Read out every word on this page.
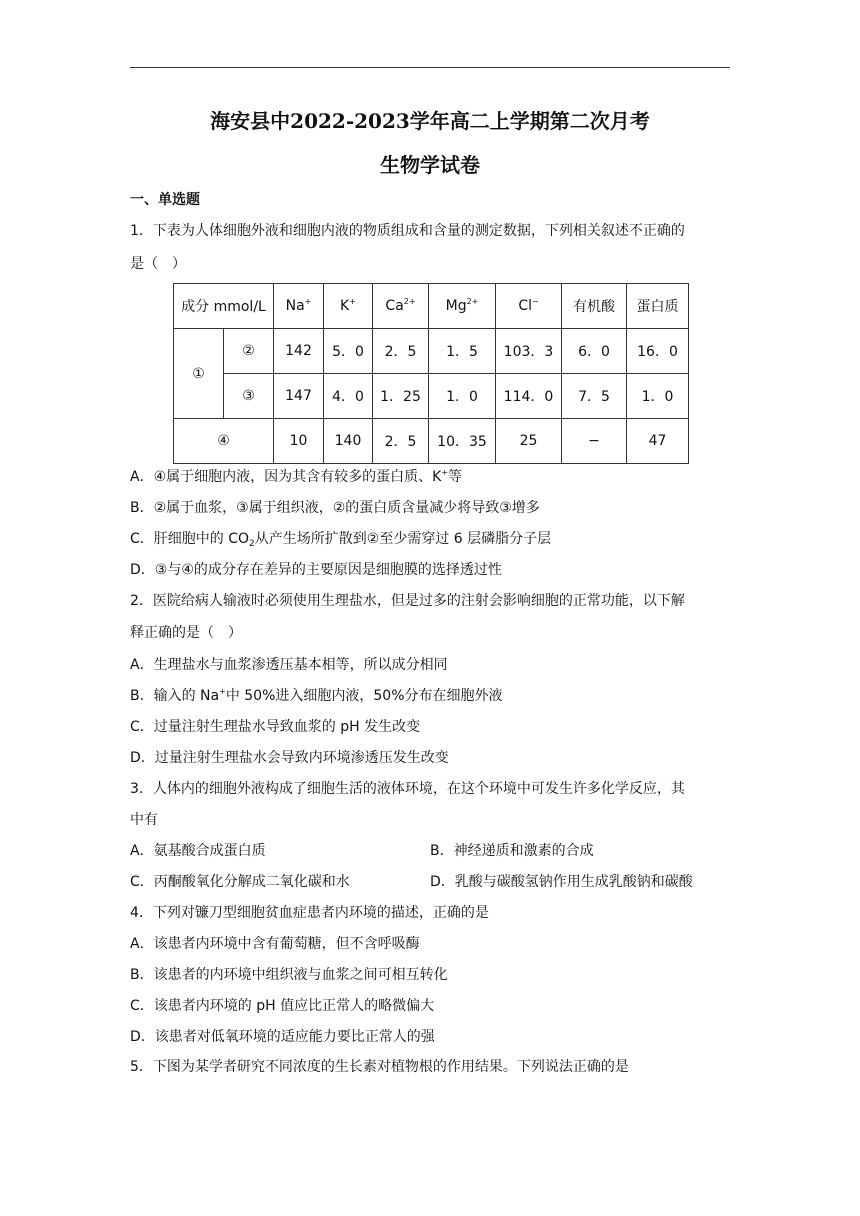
海安县中2022-2023学年高二上学期第二次月考
生物学试卷
一、单选题
1．下表为人体细胞外液和细胞内液的物质组成和含量的测定数据，下列相关叙述不正确的
是（　）
成分 mmol/L		Na+	K+	$Ca^{2+}$	$Mg^{2+}$	Cl−	有机酸	蛋白质
①	②	142	5．0	2．5	1．5	103．3	6．0	16．0
	③	147	4．0	1．25	1．0	114．0	7．5	1．0
④		10	140	2．5	10．35	25	−	47
A．④属于细胞内液，因为其含有较多的蛋白质、K+等
B．②属于血浆，③属于组织液，②的蛋白质含量减少将导致③增多
C．肝细胞中的 $CO_2$从产生场所扩散到②至少需穿过 6 层磷脂分子层
D．③与④的成分存在差异的主要原因是细胞膜的选择透过性
2．医院给病人输液时必须使用生理盐水，但是过多的注射会影响细胞的正常功能，以下解
释正确的是（　）
A．生理盐水与血浆渗透压基本相等，所以成分相同
B．输入的 Na+中 50%进入细胞内液，50%分布在细胞外液
C．过量注射生理盐水导致血浆的 pH 发生改变
D．过量注射生理盐水会导致内环境渗透压发生改变
3．人体内的细胞外液构成了细胞生活的液体环境，在这个环境中可发生许多化学反应，其
中有
A．氨基酸合成蛋白质	B．神经递质和激素的合成
C．丙酮酸氧化分解成二氧化碳和水	D．乳酸与碳酸氢钠作用生成乳酸钠和碳酸
4．下列对镰刀型细胞贫血症患者内环境的描述，正确的是
A．该患者内环境中含有葡萄糖，但不含呼吸酶
B．该患者的内环境中组织液与血浆之间可相互转化
C．该患者内环境的 pH 值应比正常人的略微偏大
D．该患者对低氧环境的适应能力要比正常人的强
5．下图为某学者研究不同浓度的生长素对植物根的作用结果。下列说法正确的是
